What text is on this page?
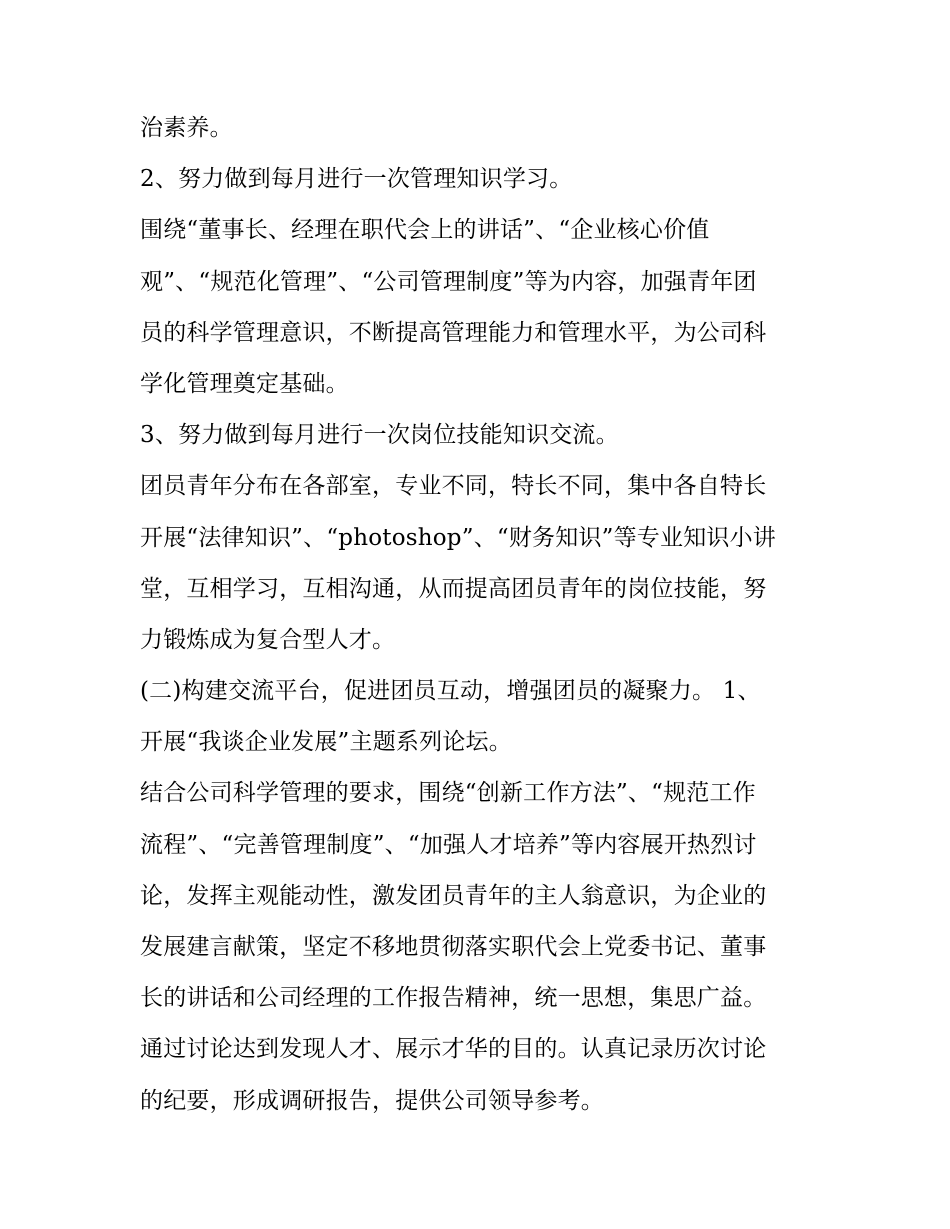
治素养。
2、努力做到每月进行一次管理知识学习。
围绕“董事长、经理在职代会上的讲话”、“企业核心价值
观”、“规范化管理”、“公司管理制度”等为内容，加强青年团
员的科学管理意识，不断提高管理能力和管理水平，为公司科
学化管理奠定基础。
3、努力做到每月进行一次岗位技能知识交流。
团员青年分布在各部室，专业不同，特长不同，集中各自特长
开展“法律知识”、“photoshop”、“财务知识”等专业知识小讲
堂，互相学习，互相沟通，从而提高团员青年的岗位技能，努
力锻炼成为复合型人才。
(二)构建交流平台，促进团员互动，增强团员的凝聚力。 1、
开展“我谈企业发展”主题系列论坛。
结合公司科学管理的要求，围绕“创新工作方法”、“规范工作
流程”、“完善管理制度”、“加强人才培养”等内容展开热烈讨
论，发挥主观能动性，激发团员青年的主人翁意识，为企业的
发展建言献策，坚定不移地贯彻落实职代会上党委书记、董事
长的讲话和公司经理的工作报告精神，统一思想，集思广益。
通过讨论达到发现人才、展示才华的目的。认真记录历次讨论
的纪要，形成调研报告，提供公司领导参考。
